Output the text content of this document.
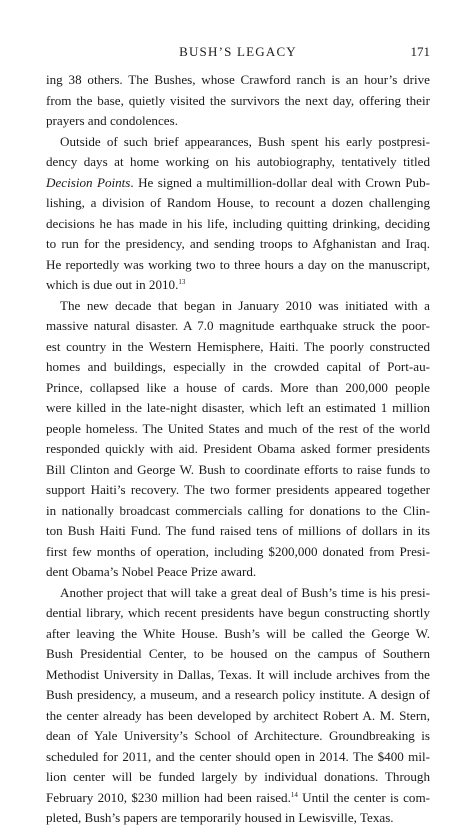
BUSH’S LEGACY	171
ing 38 others. The Bushes, whose Crawford ranch is an hour’s drive
from the base, quietly visited the survivors the next day, offering their
prayers and condolences.
Outside of such brief appearances, Bush spent his early postpresi-
dency days at home working on his autobiography, tentatively titled
Decision Points. He signed a multimillion-dollar deal with Crown Pub-
lishing, a division of Random House, to recount a dozen challenging
decisions he has made in his life, including quitting drinking, deciding
to run for the presidency, and sending troops to Afghanistan and Iraq.
He reportedly was working two to three hours a day on the manuscript,
which is due out in 2010.13
The new decade that began in January 2010 was initiated with a
massive natural disaster. A 7.0 magnitude earthquake struck the poor-
est country in the Western Hemisphere, Haiti. The poorly constructed
homes and buildings, especially in the crowded capital of Port-au-
Prince, collapsed like a house of cards. More than 200,000 people
were killed in the late-night disaster, which left an estimated 1 million
people homeless. The United States and much of the rest of the world
responded quickly with aid. President Obama asked former presidents
Bill Clinton and George W. Bush to coordinate efforts to raise funds to
support Haiti’s recovery. The two former presidents appeared together
in nationally broadcast commercials calling for donations to the Clin-
ton Bush Haiti Fund. The fund raised tens of millions of dollars in its
first few months of operation, including $200,000 donated from Presi-
dent Obama’s Nobel Peace Prize award.
Another project that will take a great deal of Bush’s time is his presi-
dential library, which recent presidents have begun constructing shortly
after leaving the White House. Bush’s will be called the George W.
Bush Presidential Center, to be housed on the campus of Southern
Methodist University in Dallas, Texas. It will include archives from the
Bush presidency, a museum, and a research policy institute. A design of
the center already has been developed by architect Robert A. M. Stern,
dean of Yale University’s School of Architecture. Groundbreaking is
scheduled for 2011, and the center should open in 2014. The $400 mil-
lion center will be funded largely by individual donations. Through
February 2010, $230 million had been raised.$^{14}$ Until the center is com-
pleted, Bush’s papers are temporarily housed in Lewisville, Texas.
